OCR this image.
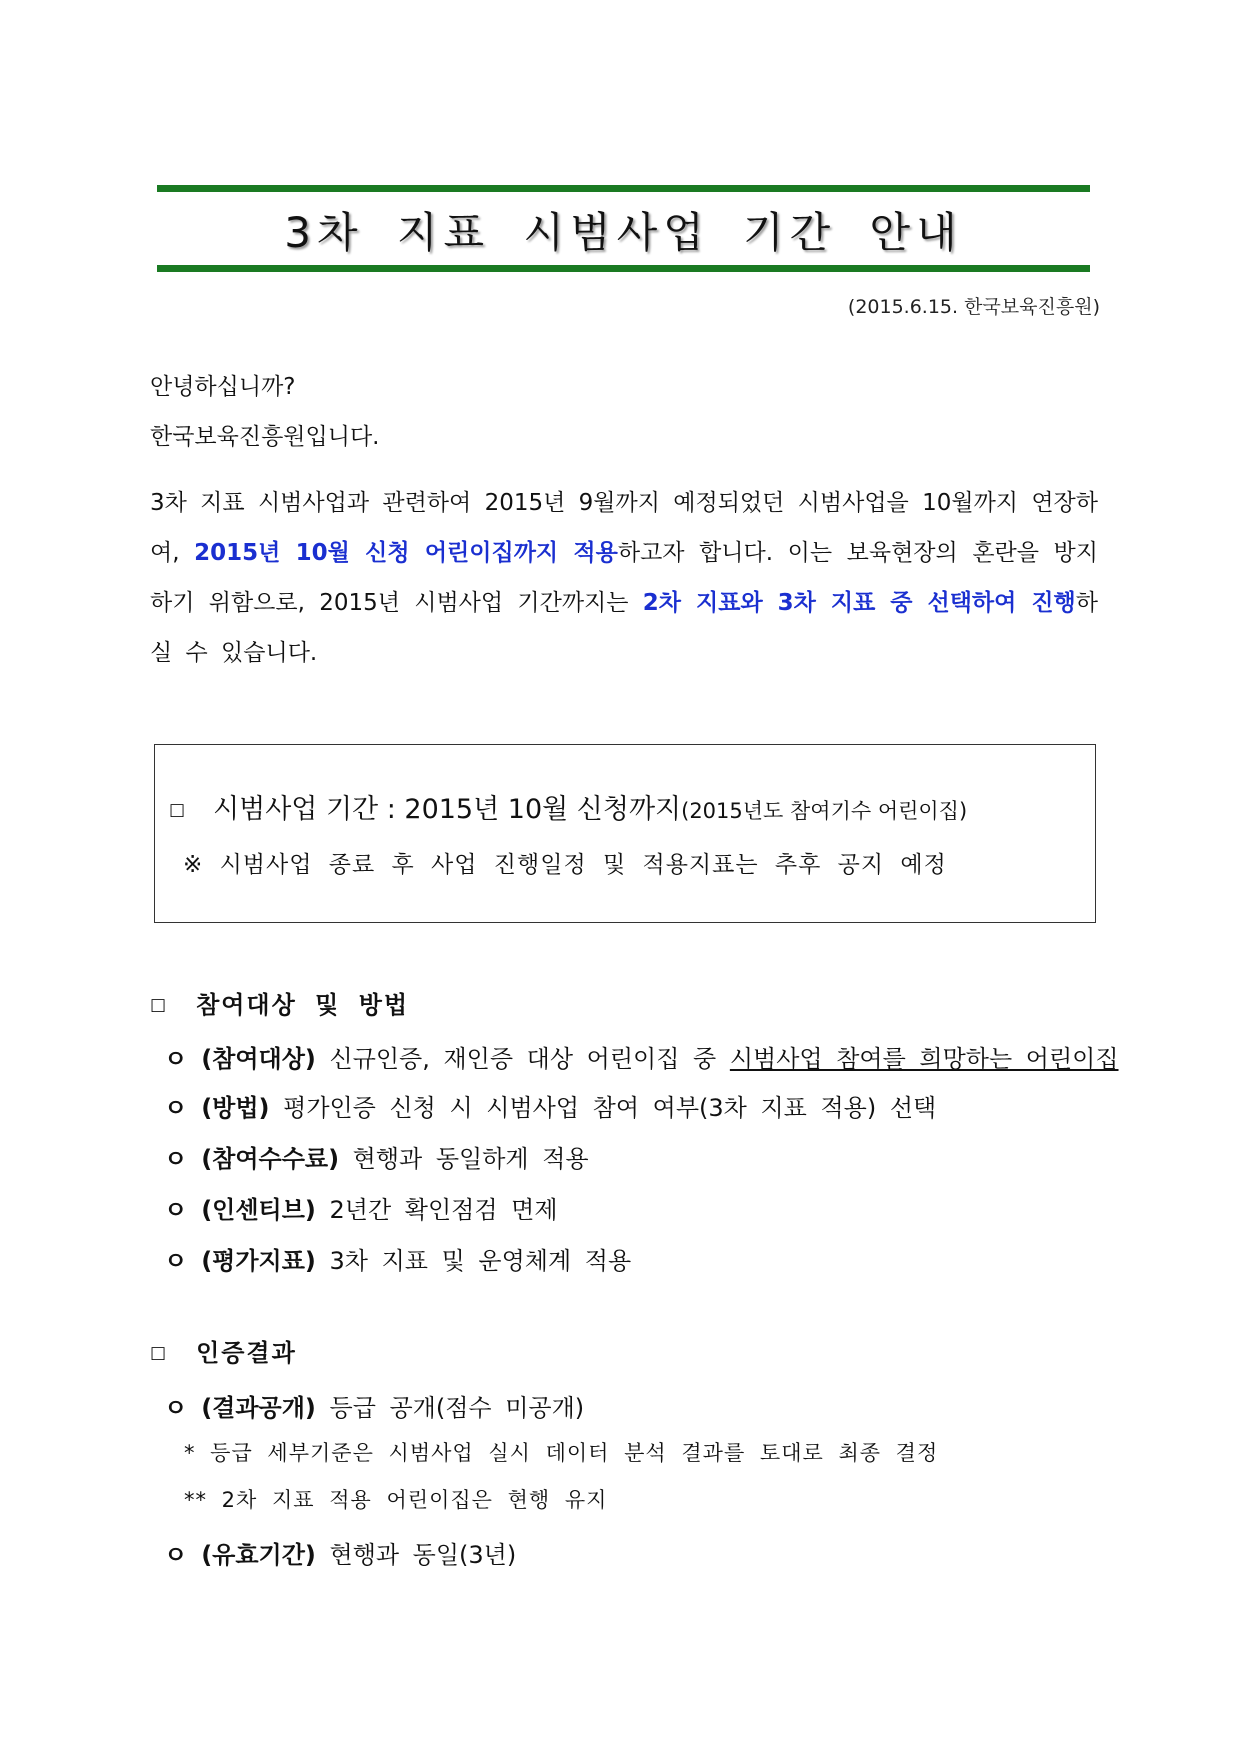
3차 지표 시범사업 기간 안내
(2015.6.15. 한국보육진흥원)
안녕하십니까?
한국보육진흥원입니다.
3차 지표 시범사업과 관련하여 2015년 9월까지 예정되었던 시범사업을 10월까지 연장하여, 2015년 10월 신청 어린이집까지 적용하고자 합니다. 이는 보육현장의 혼란을 방지하기 위함으로, 2015년 시범사업 기간까지는 2차 지표와 3차 지표 중 선택하여 진행하실 수 있습니다.
□ 시범사업 기간 : 2015년 10월 신청까지(2015년도 참여기수 어린이집)
※ 시범사업 종료 후 사업 진행일정 및 적용지표는 추후 공지 예정
□ 참여대상 및 방법
ㅇ (참여대상) 신규인증, 재인증 대상 어린이집 중 시범사업 참여를 희망하는 어린이집
ㅇ (방법) 평가인증 신청 시 시범사업 참여 여부(3차 지표 적용) 선택
ㅇ (참여수수료) 현행과 동일하게 적용
ㅇ (인센티브) 2년간 확인점검 면제
ㅇ (평가지표) 3차 지표 및 운영체계 적용
□ 인증결과
ㅇ (결과공개) 등급 공개(점수 미공개)
* 등급 세부기준은 시범사업 실시 데이터 분석 결과를 토대로 최종 결정
** 2차 지표 적용 어린이집은 현행 유지
ㅇ (유효기간) 현행과 동일(3년)
